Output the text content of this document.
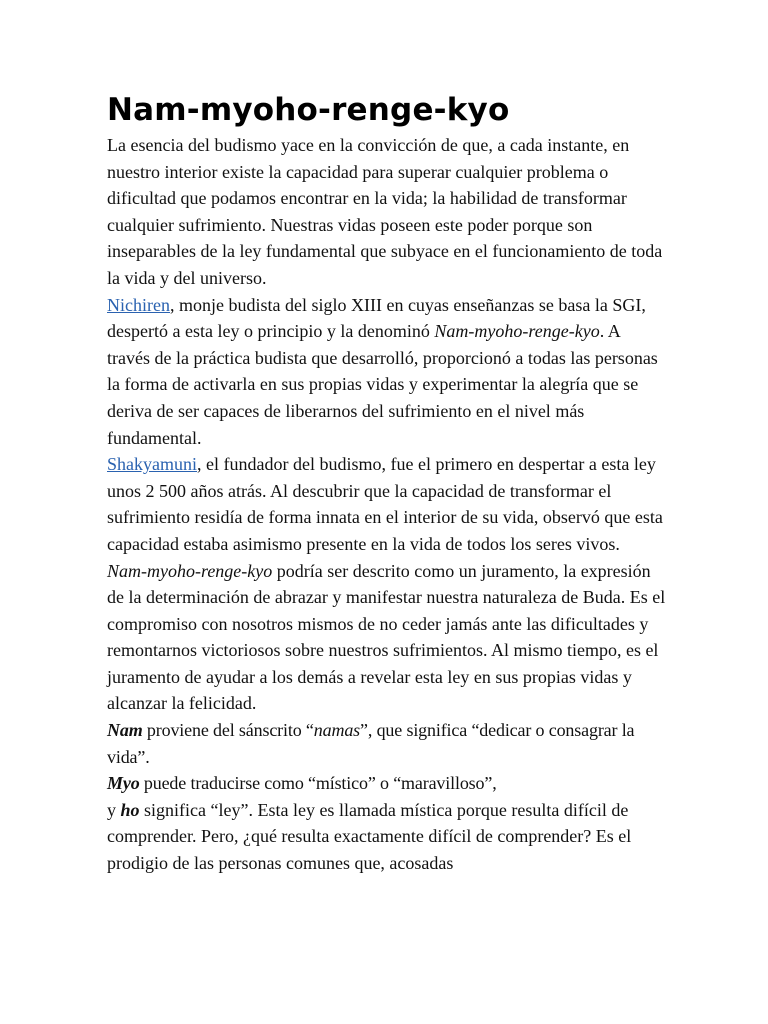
Nam-myoho-renge-kyo

La esencia del budismo yace en la convicción de que, a cada instante, en nuestro interior existe la capacidad para superar cualquier problema o dificultad que podamos encontrar en la vida; la habilidad de transformar cualquier sufrimiento. Nuestras vidas poseen este poder porque son inseparables de la ley fundamental que subyace en el funcionamiento de toda la vida y del universo.

Nichiren, monje budista del siglo XIII en cuyas enseñanzas se basa la SGI, despertó a esta ley o principio y la denominó Nam-myoho-renge-kyo. A través de la práctica budista que desarrolló, proporcionó a todas las personas la forma de activarla en sus propias vidas y experimentar la alegría que se deriva de ser capaces de liberarnos del sufrimiento en el nivel más fundamental.

Shakyamuni, el fundador del budismo, fue el primero en despertar a esta ley unos 2 500 años atrás. Al descubrir que la capacidad de transformar el sufrimiento residía de forma innata en el interior de su vida, observó que esta capacidad estaba asimismo presente en la vida de todos los seres vivos.

Nam-myoho-renge-kyo podría ser descrito como un juramento, la expresión de la determinación de abrazar y manifestar nuestra naturaleza de Buda. Es el compromiso con nosotros mismos de no ceder jamás ante las dificultades y remontarnos victoriosos sobre nuestros sufrimientos. Al mismo tiempo, es el juramento de ayudar a los demás a revelar esta ley en sus propias vidas y alcanzar la felicidad.

Nam proviene del sánscrito “namas”, que significa “dedicar o consagrar la vida”.

Myo puede traducirse como “místico” o “maravilloso”,

y ho significa “ley”. Esta ley es llamada mística porque resulta difícil de comprender. Pero, ¿qué resulta exactamente difícil de comprender? Es el prodigio de las personas comunes que, acosadas
